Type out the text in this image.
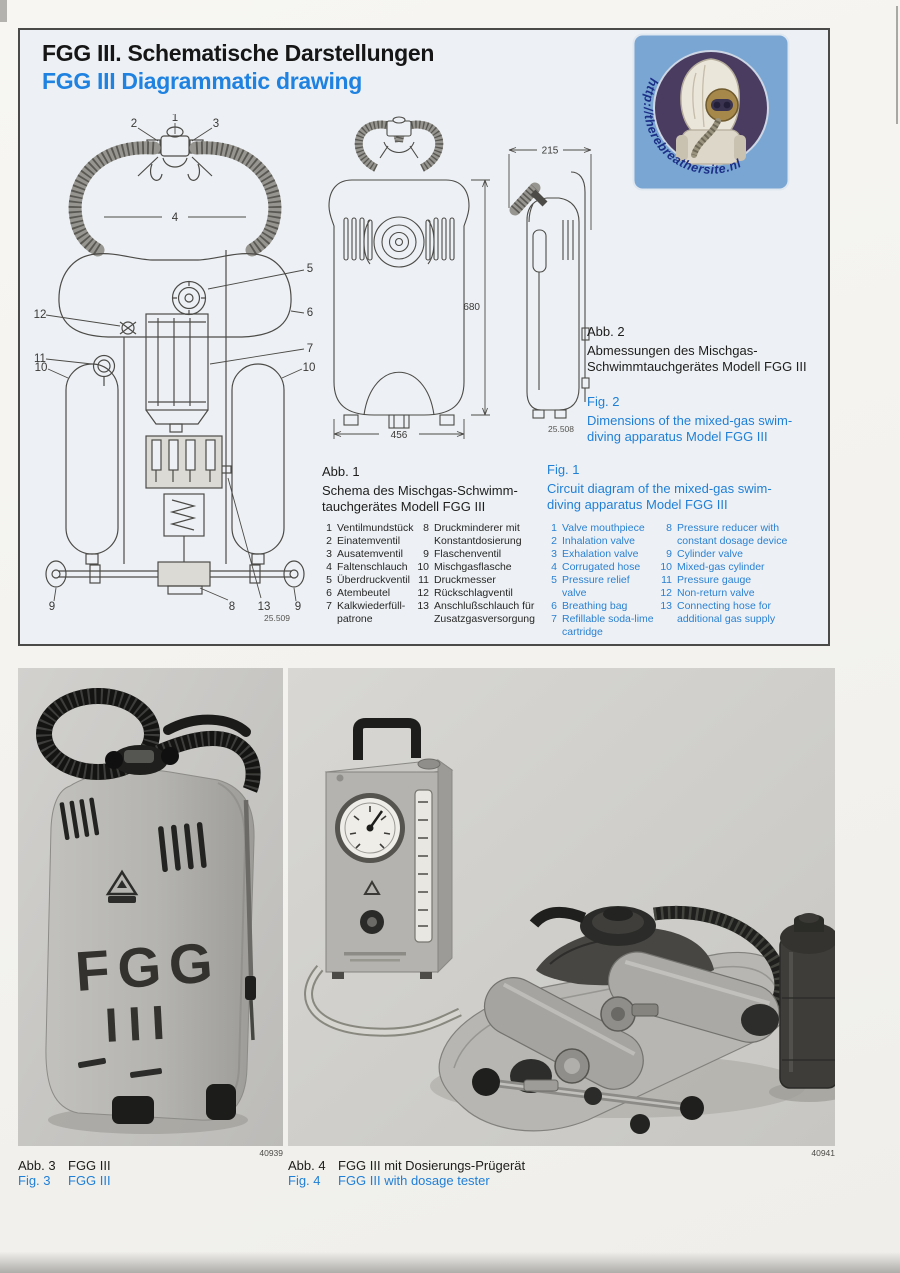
FGG III. Schematische Darstellungen
FGG III Diagrammatic drawing	http://therebreathersite.nl
2	1	3
4
5
6
7
12
11
10	10
9	9
8 13
25.509
680
456
215
25.508
Abb. 2
Abmessungen des Mischgas-
Schwimmtauchgerätes Modell FGG III
Fig. 2
Dimensions of the mixed-gas swim-
diving apparatus Model FGG III
Abb. 1
Schema des Mischgas-Schwimm-
tauchgerätes Modell FGG III
Fig. 1
Circuit diagram of the mixed-gas swim-
diving apparatus Model FGG III
1 Ventilmundstück
2 Einatemventil
3 Ausatemventil
4 Faltenschlauch
5 Überdruckventil
6 Atembeutel
7 Kalkwiederfüll-
patrone
8 Druckminderer mit
Konstantdosierung
9 Flaschenventil
10 Mischgasflasche
11 Druckmesser
12 Rückschlagventil
13 Anschlußschlauch für
Zusatzgasversorgung
1 Valve mouthpiece
2 Inhalation valve
3 Exhalation valve
4 Corrugated hose
5 Pressure relief valve
6 Breathing bag
7 Refillable soda-lime
cartridge
8 Pressure reducer with
constant dosage device
9 Cylinder valve
10 Mixed-gas cylinder
11 Pressure gauge
12 Non-return valve
13 Connecting hose for
additional gas supply
FGG
III
40939	40941
Abb. 3 FGG III
Fig. 3	FGG III
Abb. 4 FGG III mit Dosierungs-Prügerät
Fig. 4	FGG III with dosage tester
